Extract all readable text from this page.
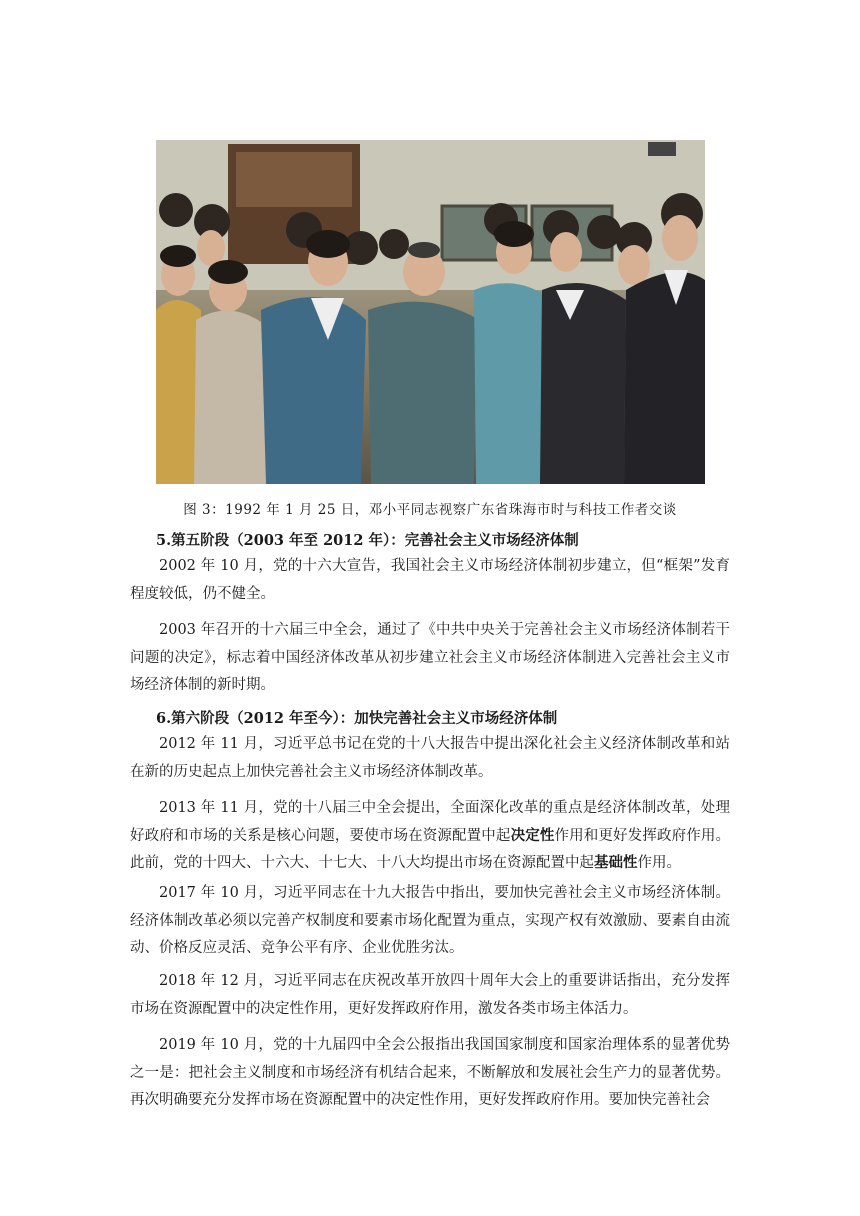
图 3：1992 年 1 月 25 日，邓小平同志视察广东省珠海市时与科技工作者交谈
5.第五阶段（2003 年至 2012 年）：完善社会主义市场经济体制

2002 年 10 月，党的十六大宣告，我国社会主义市场经济体制初步建立，但“框架”发育程度较低，仍不健全。

2003 年召开的十六届三中全会，通过了《中共中央关于完善社会主义市场经济体制若干问题的决定》，标志着中国经济体改革从初步建立社会主义市场经济体制进入完善社会主义市场经济体制的新时期。

6.第六阶段（2012 年至今）：加快完善社会主义市场经济体制

2012 年 11 月，习近平总书记在党的十八大报告中提出深化社会主义经济体制改革和站在新的历史起点上加快完善社会主义市场经济体制改革。

2013 年 11 月，党的十八届三中全会提出，全面深化改革的重点是经济体制改革，处理好政府和市场的关系是核心问题，要使市场在资源配置中起决定性作用和更好发挥政府作用。此前，党的十四大、十六大、十七大、十八大均提出市场在资源配置中起基础性作用。

2017 年 10 月，习近平同志在十九大报告中指出，要加快完善社会主义市场经济体制。经济体制改革必须以完善产权制度和要素市场化配置为重点，实现产权有效激励、要素自由流动、价格反应灵活、竞争公平有序、企业优胜劣汰。

2018 年 12 月，习近平同志在庆祝改革开放四十周年大会上的重要讲话指出，充分发挥市场在资源配置中的决定性作用，更好发挥政府作用，激发各类市场主体活力。

2019 年 10 月，党的十九届四中全会公报指出我国国家制度和国家治理体系的显著优势之一是：把社会主义制度和市场经济有机结合起来，不断解放和发展社会生产力的显著优势。再次明确要充分发挥市场在资源配置中的决定性作用，更好发挥政府作用。要加快完善社会
